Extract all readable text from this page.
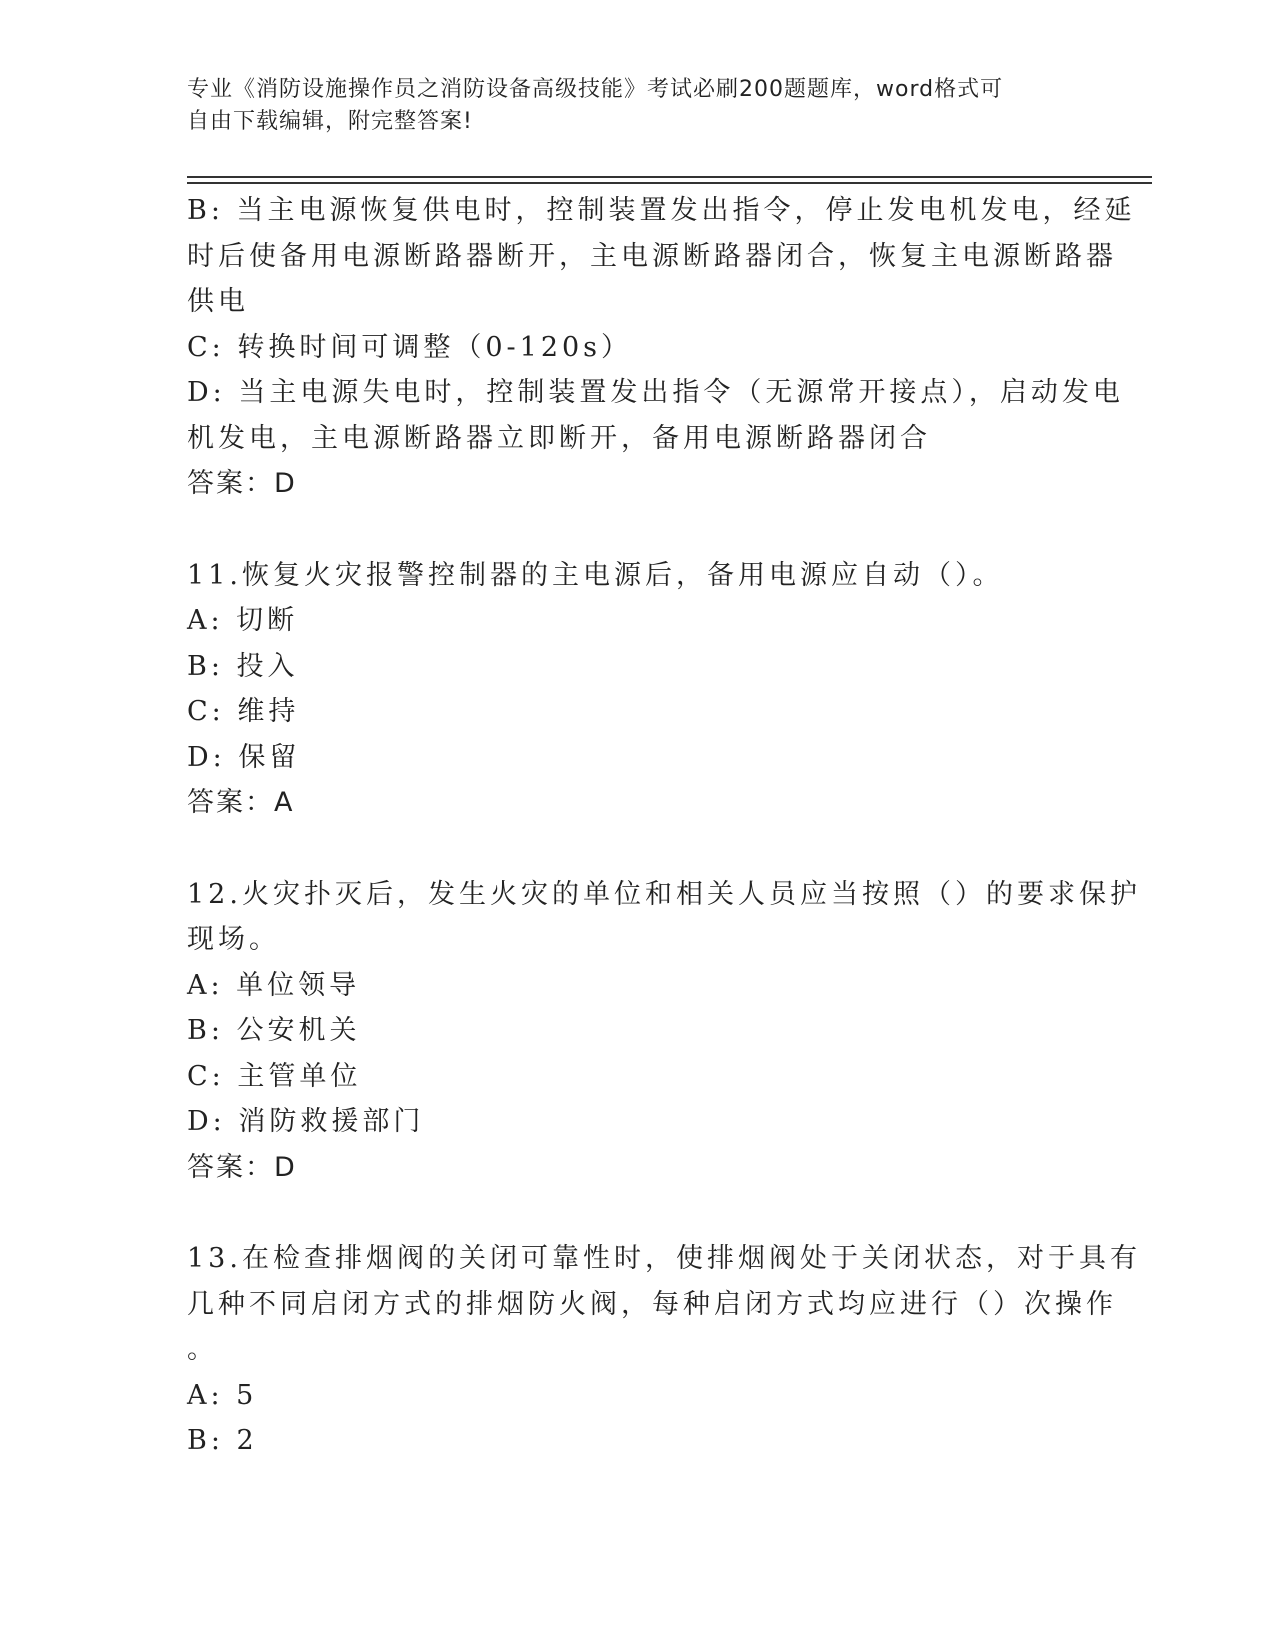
专业《消防设施操作员之消防设备高级技能》考试必刷200题题库，word格式可
自由下载编辑，附完整答案!
B: 当主电源恢复供电时，控制装置发出指令，停止发电机发电，经延
时后使备用电源断路器断开，主电源断路器闭合，恢复主电源断路器
供电
C: 转换时间可调整（0-120s）
D: 当主电源失电时，控制装置发出指令（无源常开接点），启动发电
机发电，主电源断路器立即断开，备用电源断路器闭合
答案：D
11.恢复火灾报警控制器的主电源后，备用电源应自动（）。
A: 切断
B: 投入
C: 维持
D: 保留
答案：A
12.火灾扑灭后，发生火灾的单位和相关人员应当按照（）的要求保护
现场。
A: 单位领导
B: 公安机关
C: 主管单位
D: 消防救援部门
答案：D
13.在检查排烟阀的关闭可靠性时，使排烟阀处于关闭状态，对于具有
几种不同启闭方式的排烟防火阀，每种启闭方式均应进行（）次操作
。
A: 5
B: 2
